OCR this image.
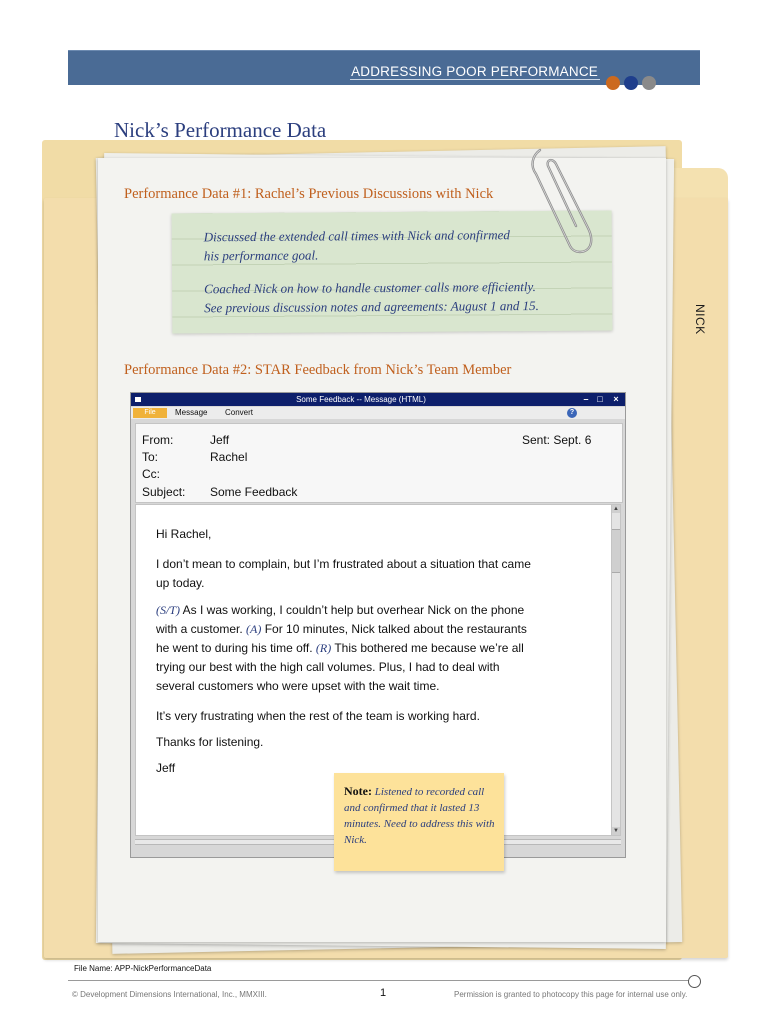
ADDRESSING POOR PERFORMANCE
NICK
Nick’s Performance Data
Performance Data #1: Rachel’s Previous Discussions with Nick

Discussed the extended call times with Nick and confirmed
his performance goal.

Coached Nick on how to handle customer calls more efficiently.
See previous discussion notes and agreements: August 1 and 15.

Performance Data #2: STAR Feedback from Nick’s Team Member
Some Feedback -- Message (HTML)	– □	×
File	Message Convert	?
From:	Jeff	Sent: Sept. 6
To:	Rachel
Cc:
Subject: Some Feedback

Hi Rachel,

I don’t mean to complain, but I’m frustrated about a situation that came
up today.

(S/T) As I was working, I couldn’t help but overhear Nick on the phone
with a customer. (A) For 10 minutes, Nick talked about the restaurants
he went to during his time off. (R) This bothered me because we’re all
trying our best with the high call volumes. Plus, I had to deal with
several customers who were upset with the wait time.

It’s very frustrating when the rest of the team is working hard.

Thanks for listening.

Jeff

▲
▼

Note: Listened to recorded call and confirmed that it lasted 13 minutes. Need to address this with Nick.

File Name: APP-NickPerformanceData
© Development Dimensions International, Inc., MMXIII.	1	Permission is granted to photocopy this page for internal use only.
